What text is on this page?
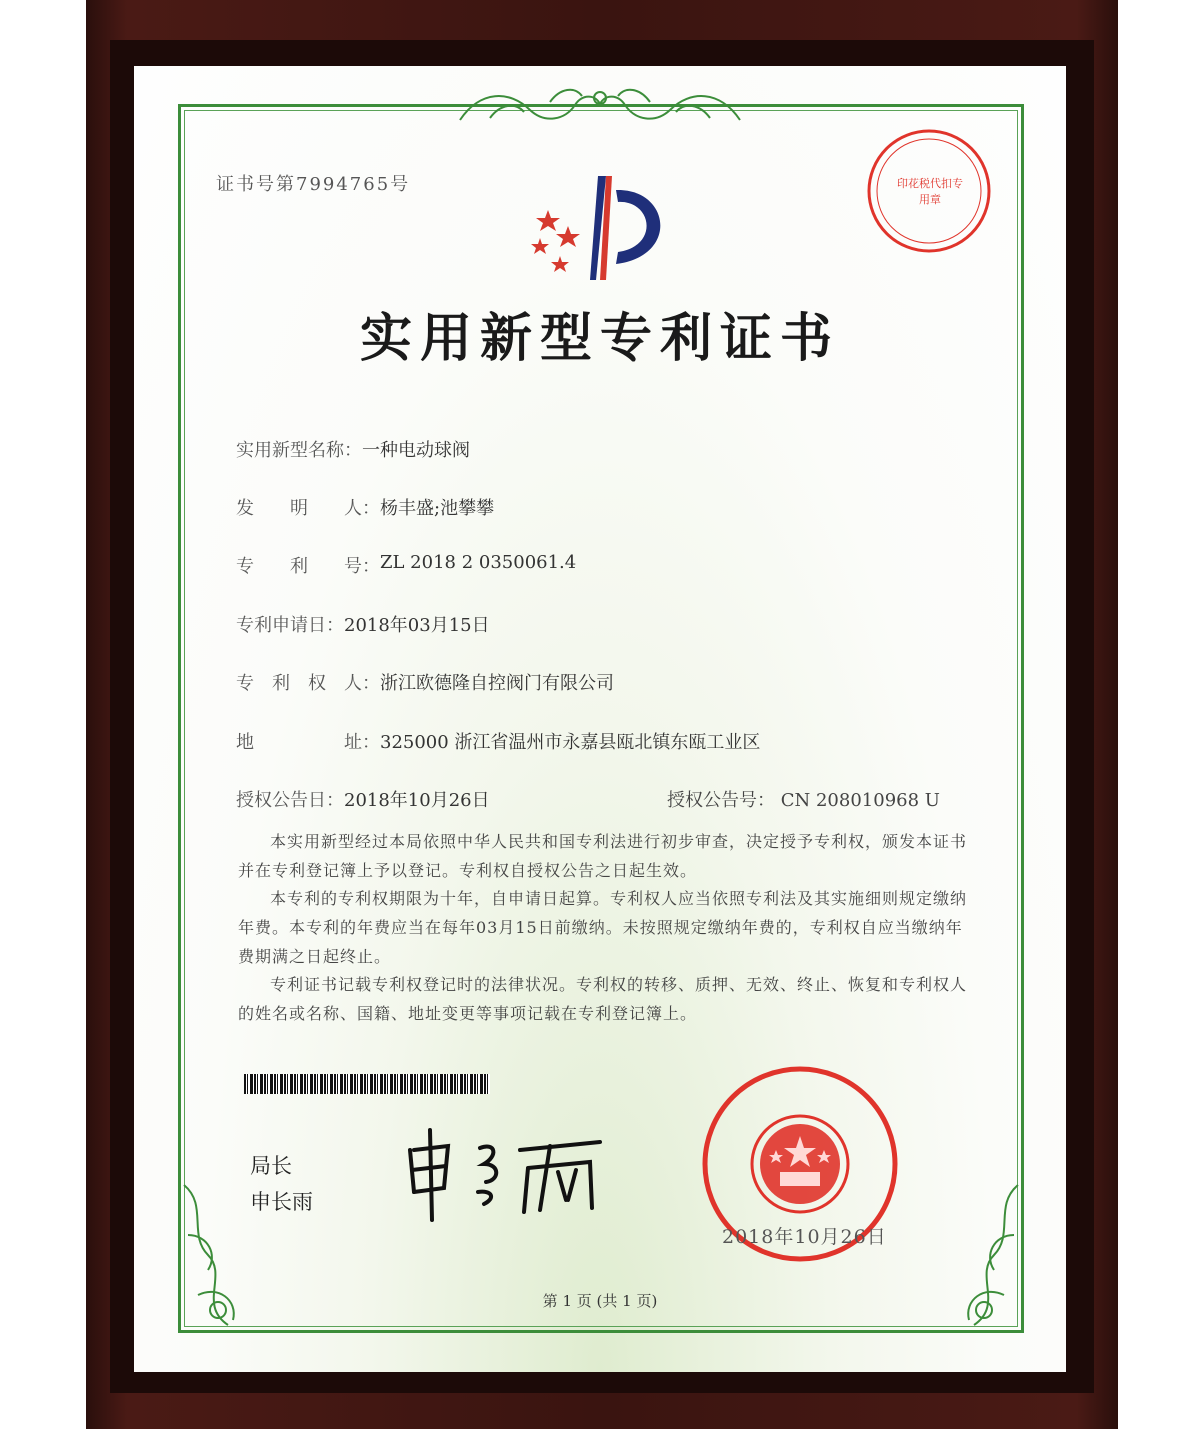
证书号第7994765号	印花税代扣专用章
实用新型专利证书
实用新型名称： 一种电动球阀
发　　明　　人： 杨丰盛;池攀攀
专　　利　　号： ZL 2018 2 0350061.4
专利申请日： 2018年03月15日
专　利　权　人： 浙江欧德隆自控阀门有限公司
地　　　　　址： 325000 浙江省温州市永嘉县瓯北镇东瓯工业区
授权公告日： 2018年10月26日	授权公告号： CN 208010968 U

本实用新型经过本局依照中华人民共和国专利法进行初步审查，决定授予专利权，颁发本证书并在专利登记簿上予以登记。专利权自授权公告之日起生效。

本专利的专利权期限为十年，自申请日起算。专利权人应当依照专利法及其实施细则规定缴纳年费。本专利的年费应当在每年03月15日前缴纳。未按照规定缴纳年费的，专利权自应当缴纳年费期满之日起终止。

专利证书记载专利权登记时的法律状况。专利权的转移、质押、无效、终止、恢复和专利权人的姓名或名称、国籍、地址变更等事项记载在专利登记簿上。

局长
申长雨
2018年10月26日
第 1 页 (共 1 页)
